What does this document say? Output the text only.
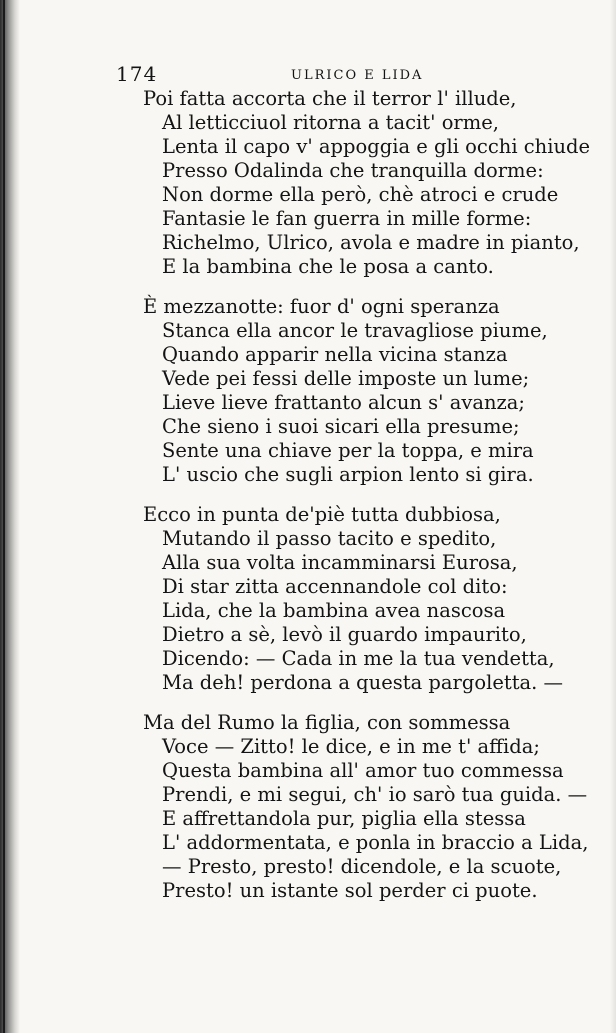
174	ULRICO E LIDA
Poi fatta accorta che il terror l' illude,
Al letticciuol ritorna a tacit' orme,
Lenta il capo v' appoggia e gli occhi chiude
Presso Odalinda che tranquilla dorme:
Non dorme ella però, chè atroci e crude
Fantasie le fan guerra in mille forme:
Richelmo, Ulrico, avola e madre in pianto,
E la bambina che le posa a canto.
È mezzanotte: fuor d' ogni speranza
Stanca ella ancor le travagliose piume,
Quando apparir nella vicina stanza
Vede pei fessi delle imposte un lume;
Lieve lieve frattanto alcun s' avanza;
Che sieno i suoi sicari ella presume;
Sente una chiave per la toppa, e mira
L' uscio che sugli arpion lento si gira.
Ecco in punta de'piè tutta dubbiosa,
Mutando il passo tacito e spedito,
Alla sua volta incamminarsi Eurosa,
Di star zitta accennandole col dito:
Lida, che la bambina avea nascosa
Dietro a sè, levò il guardo impaurito,
Dicendo: — Cada in me la tua vendetta,
Ma deh! perdona a questa pargoletta. —
Ma del Rumo la figlia, con sommessa
Voce — Zitto! le dice, e in me t' affida;
Questa bambina all' amor tuo commessa
Prendi, e mi segui, ch' io sarò tua guida. —
E affrettandola pur, piglia ella stessa
L' addormentata, e ponla in braccio a Lida,
— Presto, presto! dicendole, e la scuote,
Presto! un istante sol perder ci puote.
